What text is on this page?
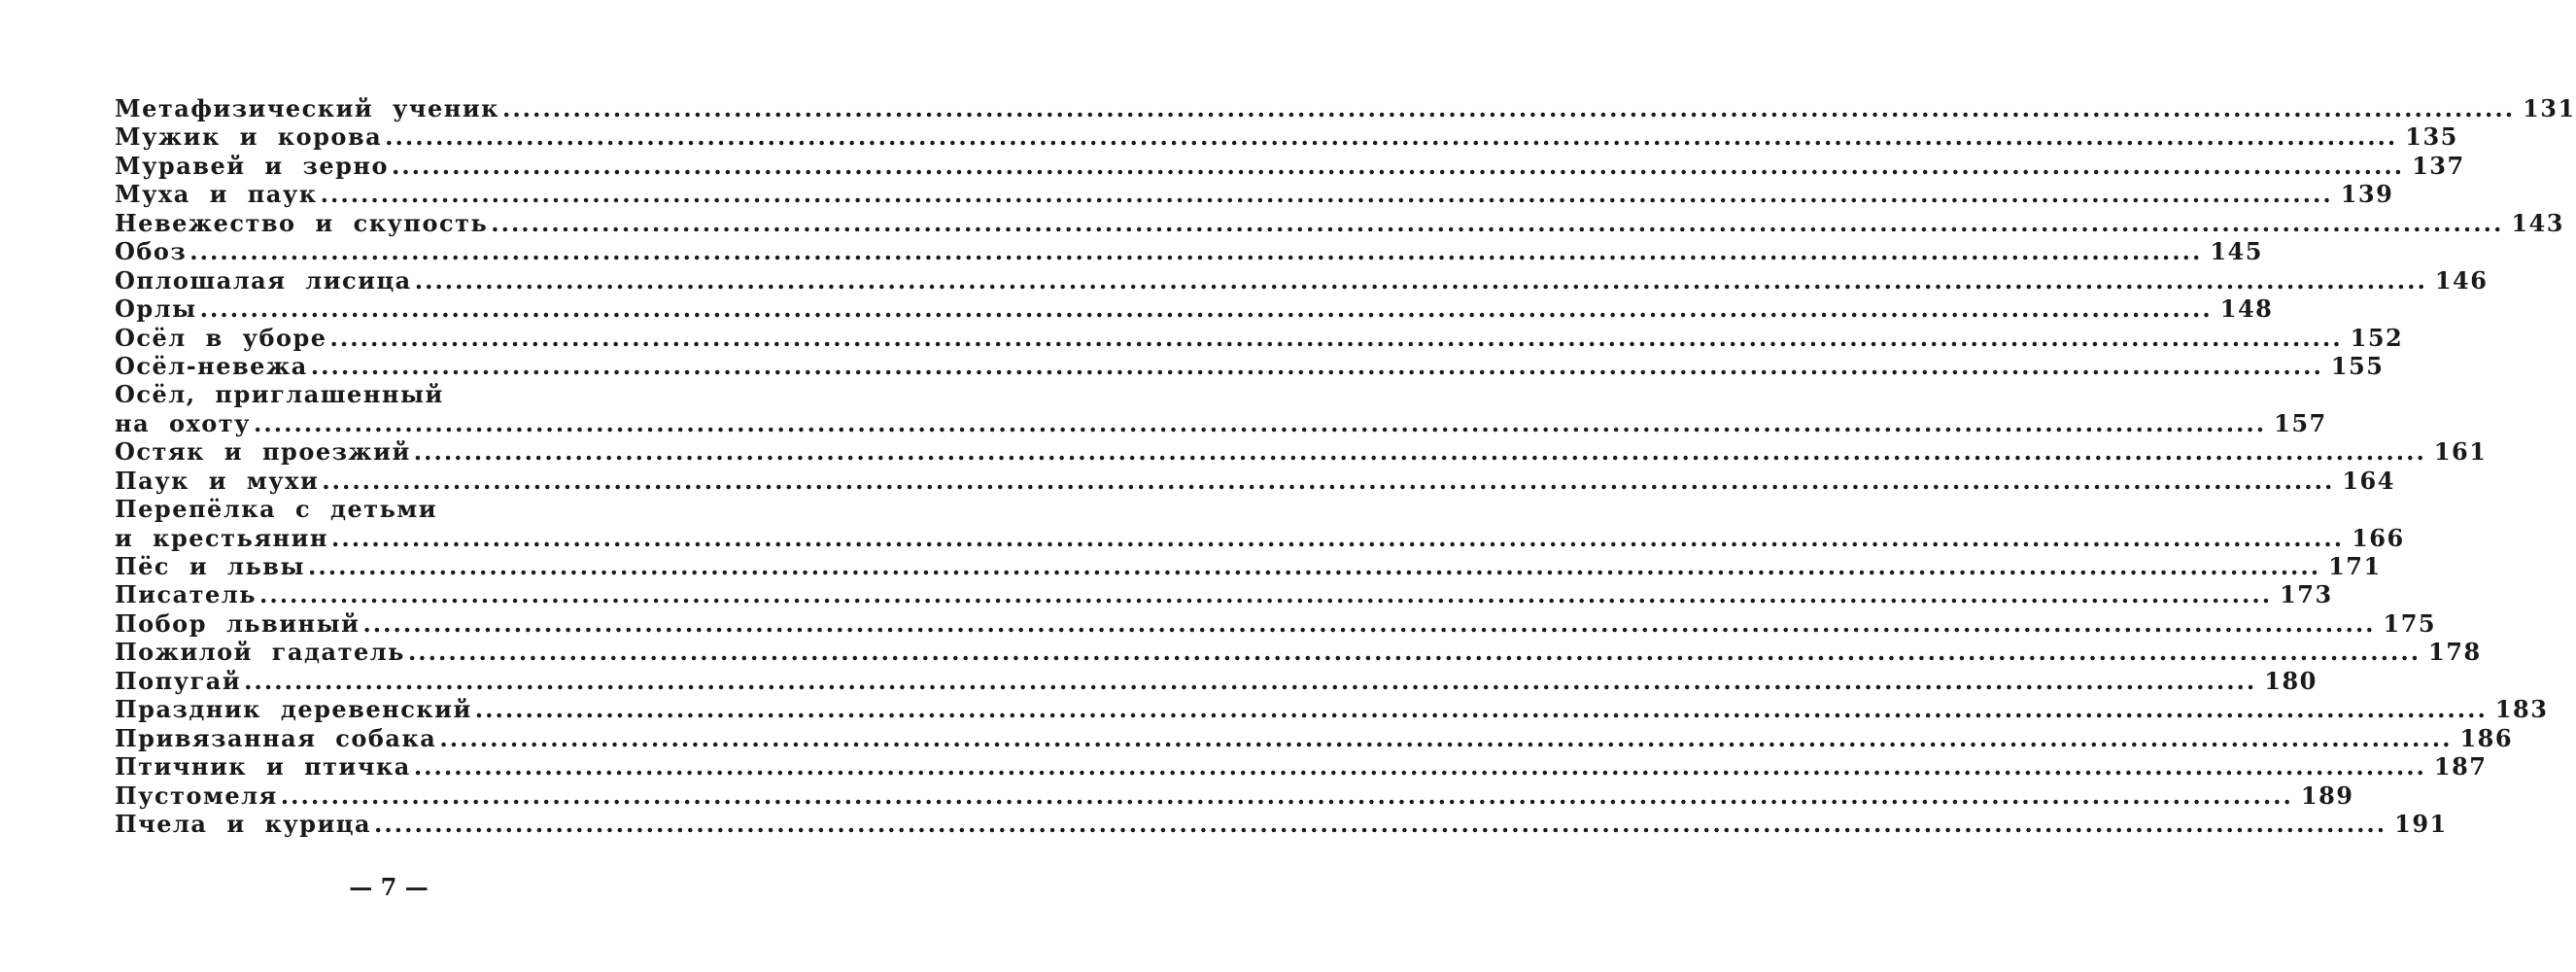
Метафизический ученик ........................................................................................................................................................................................................ 131
Мужик и корова ........................................................................................................................................................................................................ 135
Муравей и зерно ........................................................................................................................................................................................................ 137
Муха и паук ........................................................................................................................................................................................................ 139
Невежество и скупость ........................................................................................................................................................................................................ 143
Обоз ........................................................................................................................................................................................................ 145
Оплошалая лисица ........................................................................................................................................................................................................ 146
Орлы ........................................................................................................................................................................................................ 148
Осёл в уборе ........................................................................................................................................................................................................ 152
Осёл-невежа ........................................................................................................................................................................................................ 155
Осёл, приглашенный
на охоту ........................................................................................................................................................................................................ 157
Остяк и проезжий ........................................................................................................................................................................................................ 161
Паук и мухи ........................................................................................................................................................................................................ 164
Перепёлка с детьми
и крестьянин ........................................................................................................................................................................................................ 166
Пёс и львы ........................................................................................................................................................................................................ 171
Писатель ........................................................................................................................................................................................................ 173
Побор львиный ........................................................................................................................................................................................................ 175
Пожилой гадатель ........................................................................................................................................................................................................ 178
Попугай ........................................................................................................................................................................................................ 180
Праздник деревенский ........................................................................................................................................................................................................ 183
Привязанная собака ........................................................................................................................................................................................................ 186
Птичник и птичка ........................................................................................................................................................................................................ 187
Пустомеля ........................................................................................................................................................................................................ 189
Пчела и курица ........................................................................................................................................................................................................ 191
— 7 —
